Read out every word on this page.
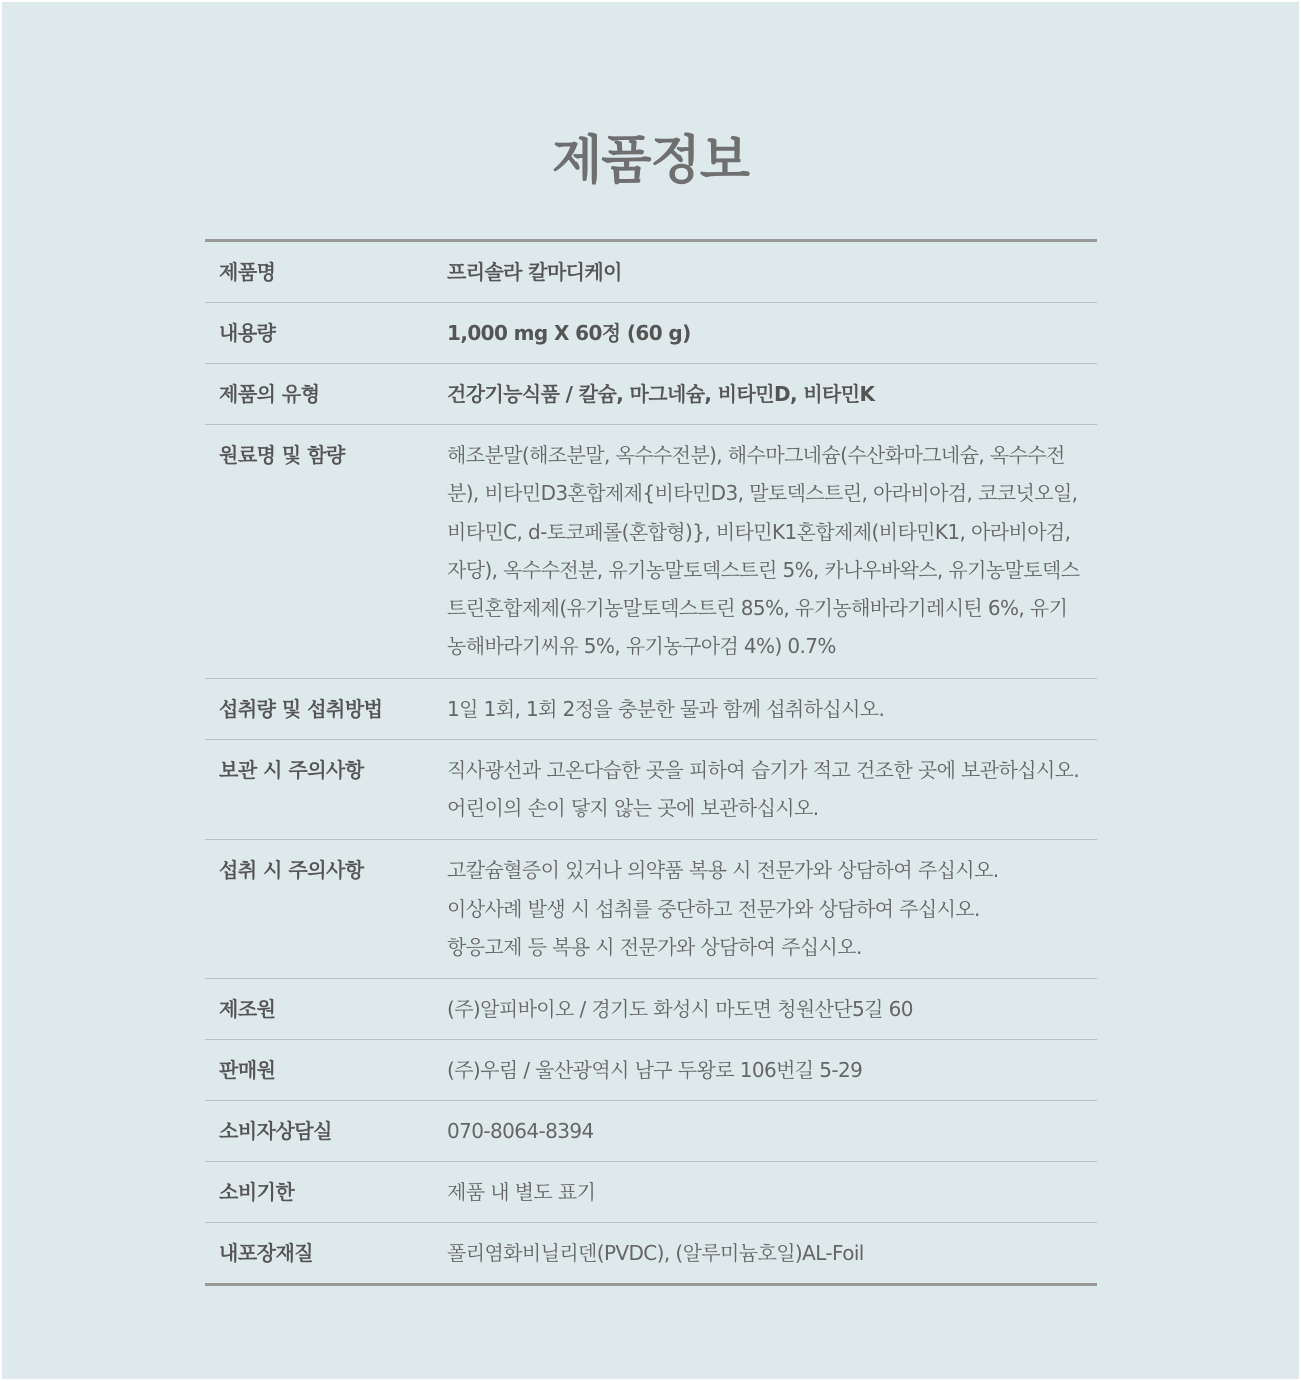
제품정보
제품명	프리솔라 칼마디케이
내용량	1,000 mg X 60정 (60 g)
제품의 유형	건강기능식품 / 칼슘, 마그네슘, 비타민D, 비타민K
원료명 및 함량	해조분말(해조분말, 옥수수전분), 해수마그네슘(수산화마그네슘, 옥수수전
분), 비타민D3혼합제제{비타민D3, 말토덱스트린, 아라비아검, 코코넛오일,
비타민C, d-토코페롤(혼합형)}, 비타민K1혼합제제(비타민K1, 아라비아검,
자당), 옥수수전분, 유기농말토덱스트린 5%, 카나우바왁스, 유기농말토덱스
트린혼합제제(유기농말토덱스트린 85%, 유기농해바라기레시틴 6%, 유기
농해바라기씨유 5%, 유기농구아검 4%) 0.7%
섭취량 및 섭취방법	1일 1회, 1회 2정을 충분한 물과 함께 섭취하십시오.
보관 시 주의사항	직사광선과 고온다습한 곳을 피하여 습기가 적고 건조한 곳에 보관하십시오.
어린이의 손이 닿지 않는 곳에 보관하십시오.
섭취 시 주의사항	고칼슘혈증이 있거나 의약품 복용 시 전문가와 상담하여 주십시오.
이상사례 발생 시 섭취를 중단하고 전문가와 상담하여 주십시오.
항응고제 등 복용 시 전문가와 상담하여 주십시오.
제조원	(주)알피바이오 / 경기도 화성시 마도면 청원산단5길 60
판매원	(주)우림 / 울산광역시 남구 두왕로 106번길 5-29
소비자상담실	070-8064-8394
소비기한	제품 내 별도 표기
내포장재질	폴리염화비닐리덴(PVDC), (알루미늄호일)AL-Foil
